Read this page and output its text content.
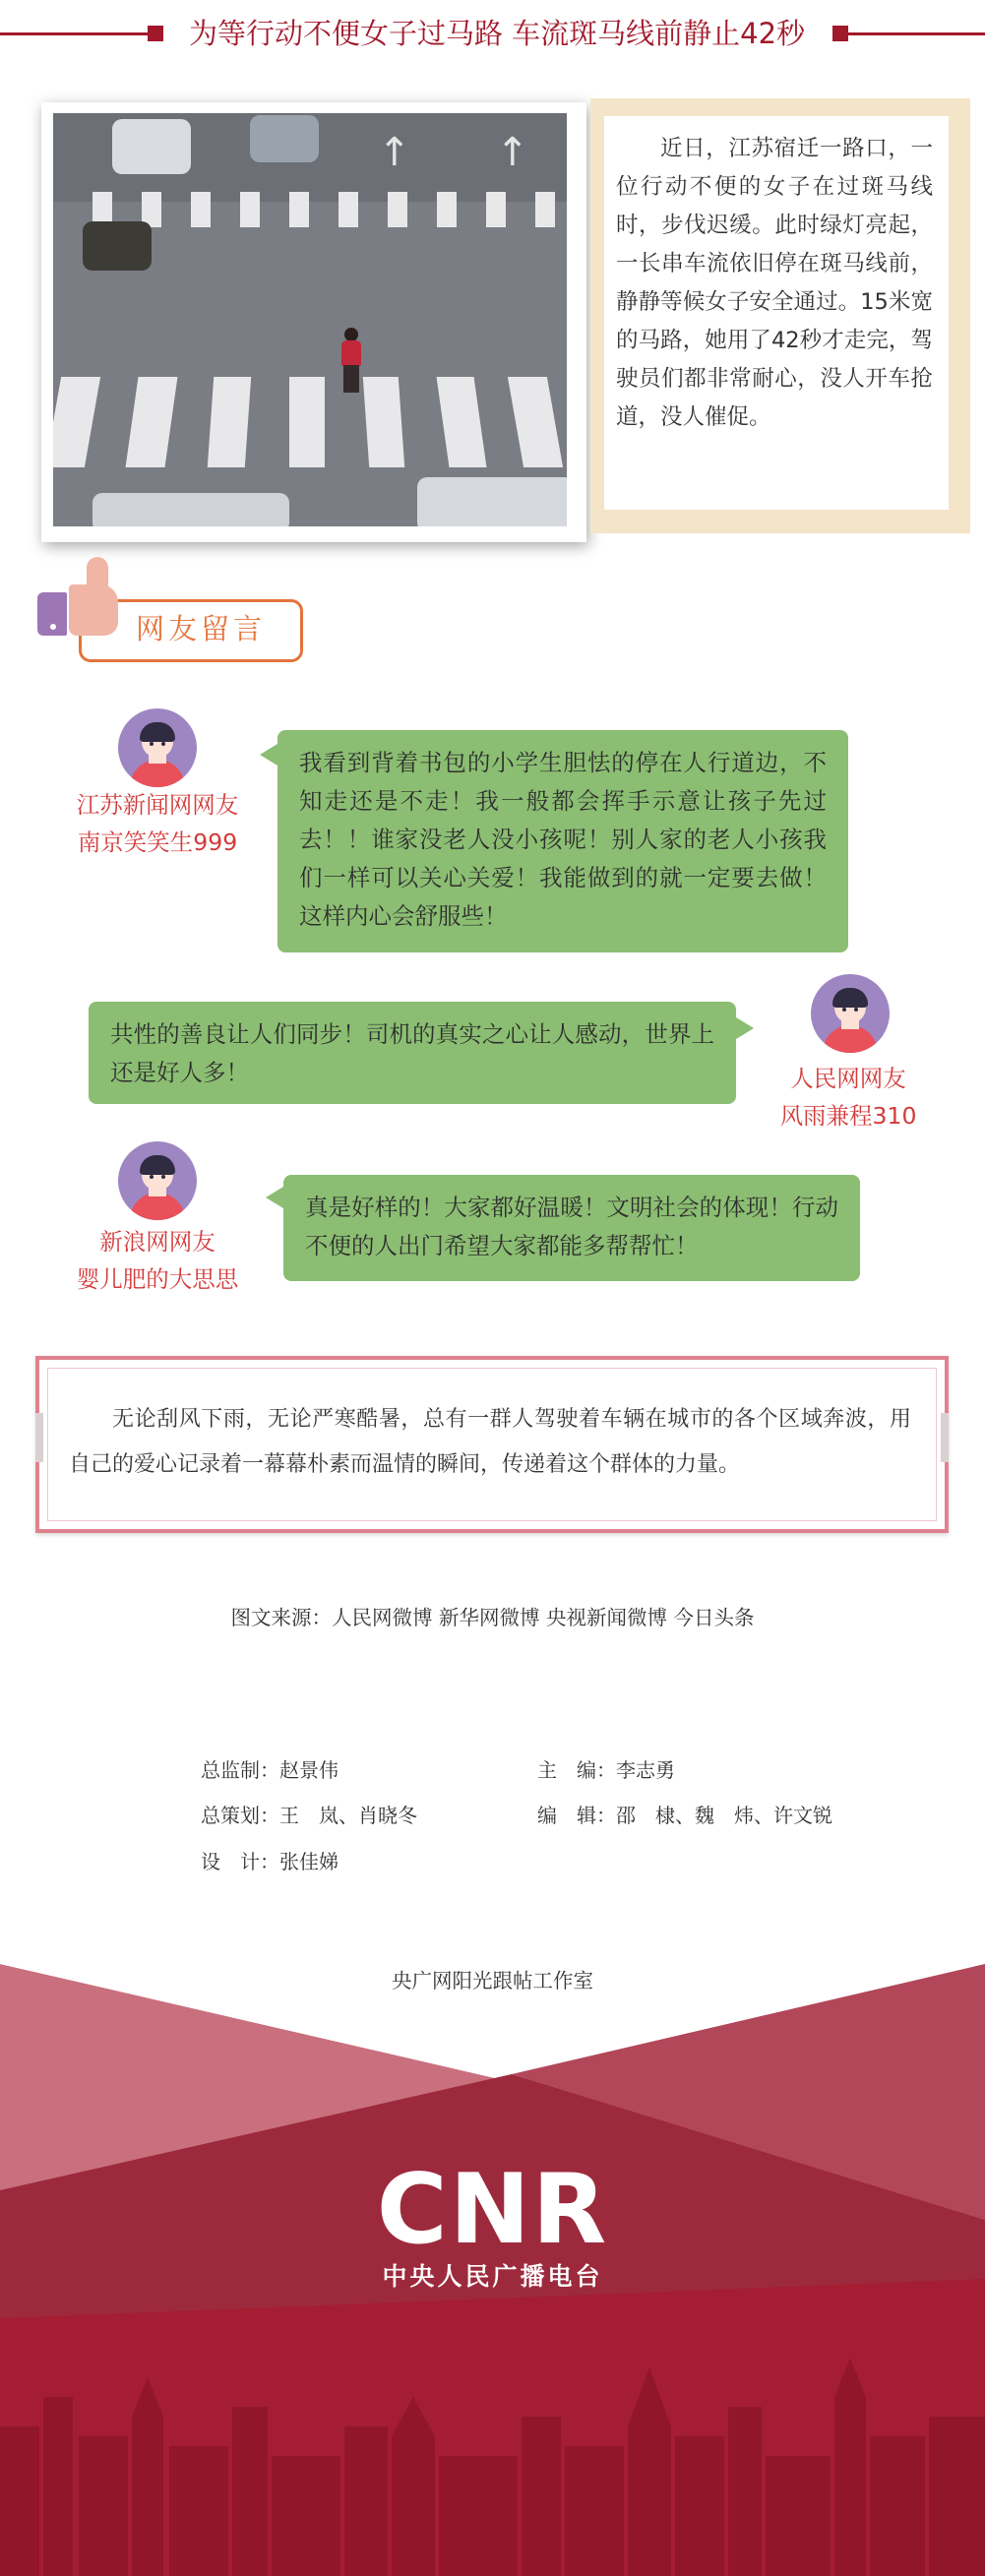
为等行动不便女子过马路 车流斑马线前静止42秒
↑ ↑	近日，江苏宿迁一路口，一位行动不便的女子在过斑马线时，步伐迟缓。此时绿灯亮起，一长串车流依旧停在斑马线前，静静等候女子安全通过。15米宽的马路，她用了42秒才走完，驾驶员们都非常耐心，没人开车抢道，没人催促。

网友留言
江苏新闻网网友
南京笑笑生999
我看到背着书包的小学生胆怯的停在人行道边，不知走还是不走！我一般都会挥手示意让孩子先过去！！谁家没老人没小孩呢！别人家的老人小孩我们一样可以关心关爱！我能做到的就一定要去做！这样内心会舒服些！
共性的善良让人们同步！司机的真实之心让人感动，世界上还是好人多！	人民网网友
风雨兼程310
新浪网网友
婴儿肥的大思思
真是好样的！大家都好温暖！文明社会的体现！行动不便的人出门希望大家都能多帮帮忙！

无论刮风下雨，无论严寒酷暑，总有一群人驾驶着车辆在城市的各个区域奔波，用自己的爱心记录着一幕幕朴素而温情的瞬间，传递着这个群体的力量。

图文来源：人民网微博 新华网微博 央视新闻微博 今日头条
总监制：赵景伟
总策划：王　岚、肖晓冬
设　计：张佳娣
主　编：李志勇
编　辑：邵　棣、魏　炜、许文锐
央广网阳光跟帖工作室
CNR
中央人民广播电台
